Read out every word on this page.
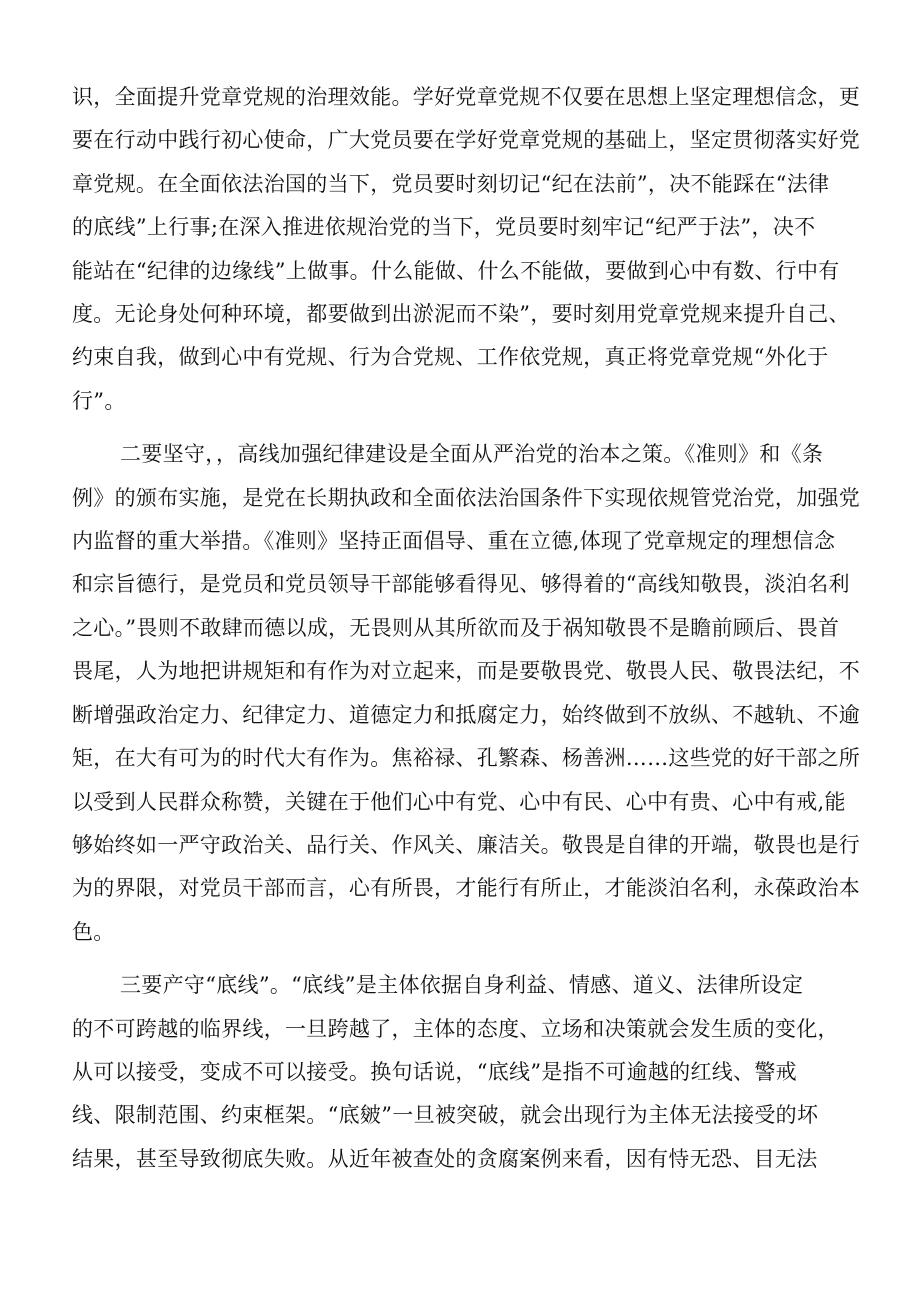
识，全面提升党章党规的治理效能。学好党章党规不仅要在思想上坚定理想信念，更
要在行动中践行初心使命，广大党员要在学好党章党规的基础上，坚定贯彻落实好党
章党规。在全面依法治国的当下，党员要时刻切记“纪在法前”，决不能踩在“法律
的底线”上行事;在深入推进依规治党的当下，党员要时刻牢记“纪严于法”，决不
能站在“纪律的边缘线”上做事。什么能做、什么不能做，要做到心中有数、行中有
度。无论身处何种环境，都要做到出淤泥而不染”，要时刻用党章党规来提升自己、
约束自我，做到心中有党规、行为合党规、工作依党规，真正将党章党规“外化于
行”。
二要坚守，，高线加强纪律建设是全面从严治党的治本之策。《准则》和《条
例》的颁布实施，是党在长期执政和全面依法治国条件下实现依规管党治党，加强党
内监督的重大举措。《准则》坚持正面倡导、重在立德,体现了党章规定的理想信念
和宗旨德行，是党员和党员领导干部能够看得见、够得着的“高线知敬畏，淡泊名利
之心。”畏则不敢肆而德以成，无畏则从其所欲而及于祸知敬畏不是瞻前顾后、畏首
畏尾，人为地把讲规矩和有作为对立起来，而是要敬畏党、敬畏人民、敬畏法纪，不
断增强政治定力、纪律定力、道德定力和抵腐定力，始终做到不放纵、不越轨、不逾
矩，在大有可为的时代大有作为。焦裕禄、孔繁森、杨善洲……这些党的好干部之所
以受到人民群众称赞，关键在于他们心中有党、心中有民、心中有贵、心中有戒,能
够始终如一严守政治关、品行关、作风关、廉洁关。敬畏是自律的开端，敬畏也是行
为的界限，对党员干部而言，心有所畏，才能行有所止，才能淡泊名利，永葆政治本
色。
三要产守“底线”。“底线”是主体依据自身利益、情感、道义、法律所设定
的不可跨越的临界线，一旦跨越了，主体的态度、立场和决策就会发生质的变化，
从可以接受，变成不可以接受。换句话说，“底线”是指不可逾越的红线、警戒
线、限制范围、约束框架。“底皴”一旦被突破，就会出现行为主体无法接受的坏
结果，甚至导致彻底失败。从近年被查处的贪腐案例来看，因有恃无恐、目无法
